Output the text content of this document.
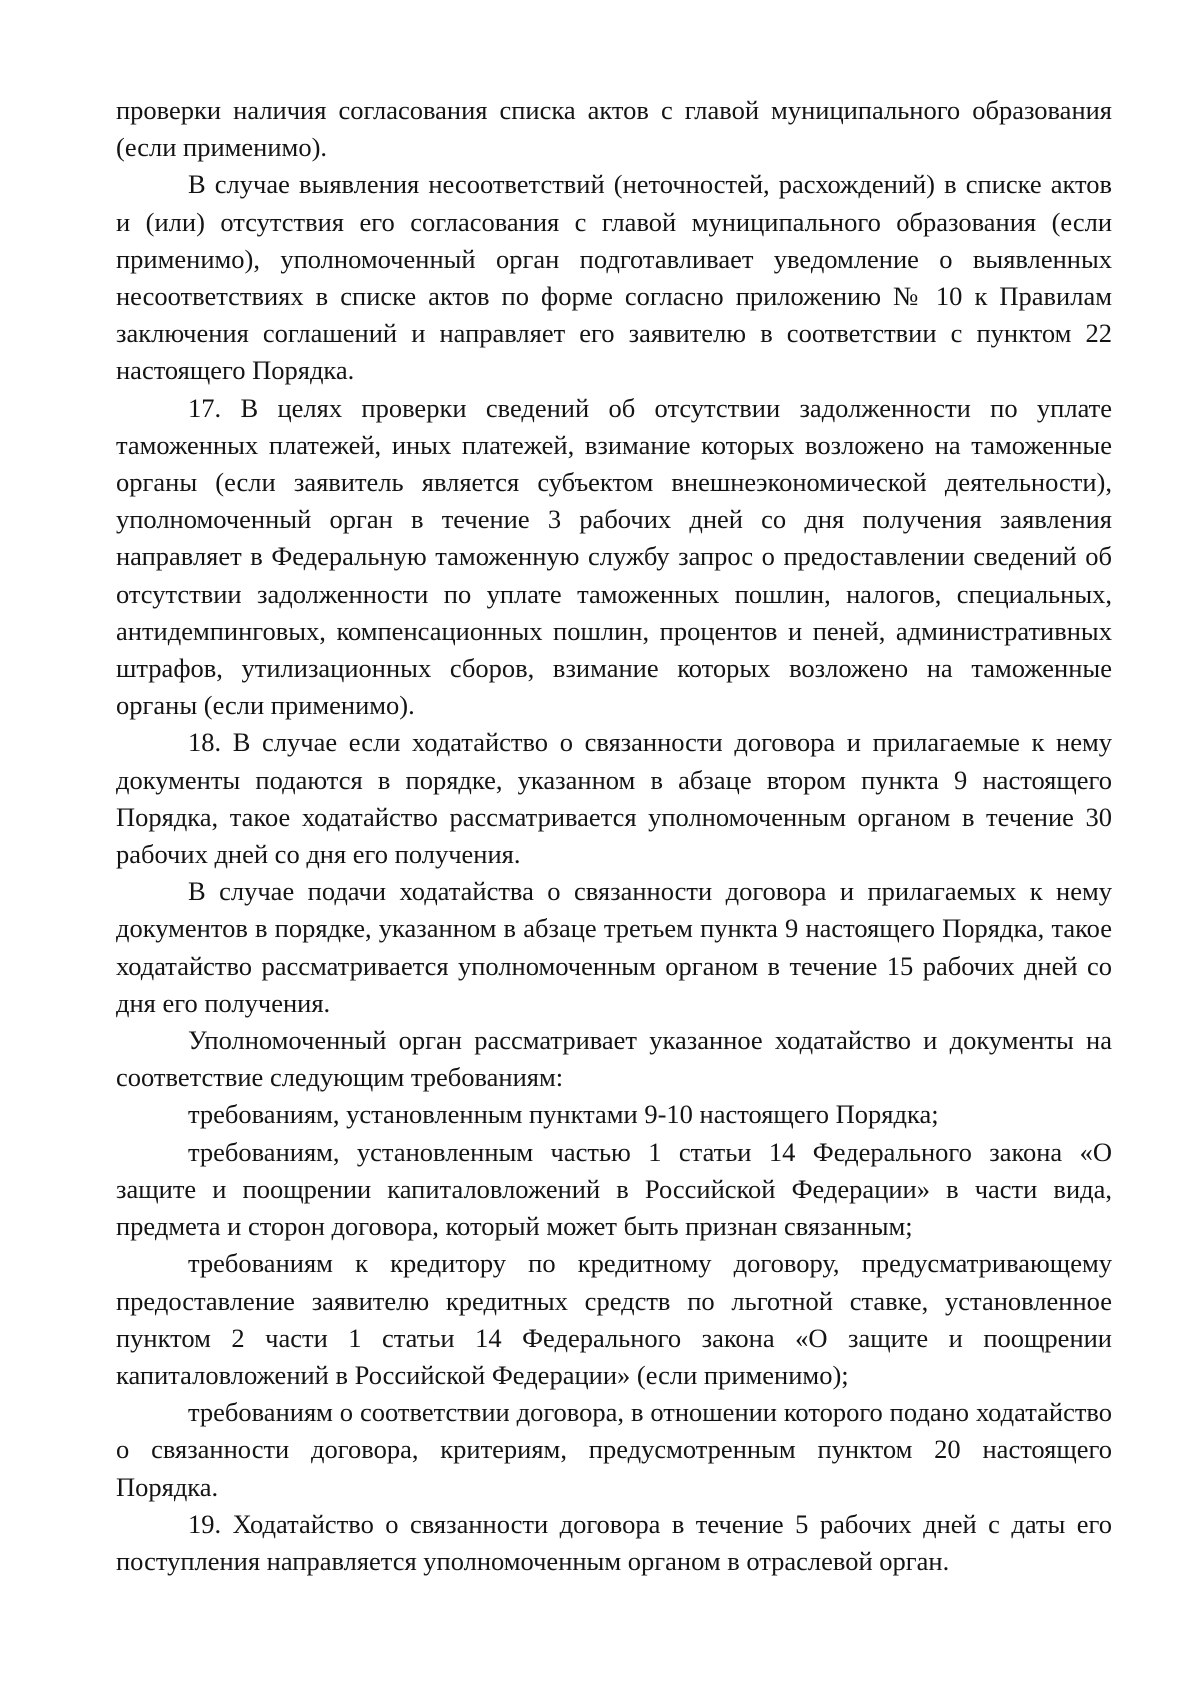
проверки наличия согласования списка актов с главой муниципального образования (если применимо).

В случае выявления несоответствий (неточностей, расхождений) в списке актов и (или) отсутствия его согласования с главой муниципального образования (если применимо), уполномоченный орган подготавливает уведомление о выявленных несоответствиях в списке актов по форме согласно приложению № 10 к Правилам заключения соглашений и направляет его заявителю в соответствии с пунктом 22 настоящего Порядка.

17. В целях проверки сведений об отсутствии задолженности по уплате таможенных платежей, иных платежей, взимание которых возложено на таможенные органы (если заявитель является субъектом внешнеэкономической деятельности), уполномоченный орган в течение 3 рабочих дней со дня получения заявления направляет в Федеральную таможенную службу запрос о предоставлении сведений об отсутствии задолженности по уплате таможенных пошлин, налогов, специальных, антидемпинговых, компенсационных пошлин, процентов и пеней, административных штрафов, утилизационных сборов, взимание которых возложено на таможенные органы (если применимо).

18. В случае если ходатайство о связанности договора и прилагаемые к нему документы подаются в порядке, указанном в абзаце втором пункта 9 настоящего Порядка, такое ходатайство рассматривается уполномоченным органом в течение 30 рабочих дней со дня его получения.

В случае подачи ходатайства о связанности договора и прилагаемых к нему документов в порядке, указанном в абзаце третьем пункта 9 настоящего Порядка, такое ходатайство рассматривается уполномоченным органом в течение 15 рабочих дней со дня его получения.

Уполномоченный орган рассматривает указанное ходатайство и документы на соответствие следующим требованиям:

требованиям, установленным пунктами 9-10 настоящего Порядка;

требованиям, установленным частью 1 статьи 14 Федерального закона «О защите и поощрении капиталовложений в Российской Федерации» в части вида, предмета и сторон договора, который может быть признан связанным;

требованиям к кредитору по кредитному договору, предусматривающему предоставление заявителю кредитных средств по льготной ставке, установленное пунктом 2 части 1 статьи 14 Федерального закона «О защите и поощрении капиталовложений в Российской Федерации» (если применимо);

требованиям о соответствии договора, в отношении которого подано ходатайство о связанности договора, критериям, предусмотренным пунктом 20 настоящего Порядка.

19. Ходатайство о связанности договора в течение 5 рабочих дней с даты его поступления направляется уполномоченным органом в отраслевой орган.
